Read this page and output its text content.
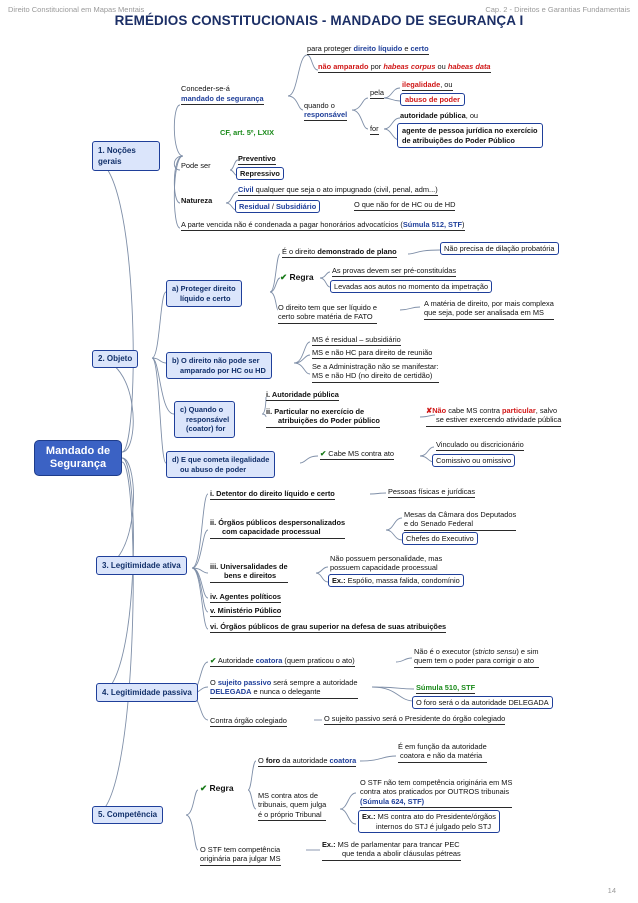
Direito Constitucional em Mapas Mentais	Cap. 2 - Direitos e Garantias Fundamentais
REMÉDIOS CONSTITUCIONAIS - MANDADO DE SEGURANÇA I
Mandado de Segurança
1. Noções gerais
Conceder-se-á
mandado de segurança
CF, art. 5º, LXIX
para proteger direito líquido e certo
não amparado por habeas corpus ou habeas data
quando o
responsável
pela
ilegalidade, ou
abuso de poder
for
autoridade pública, ou
agente de pessoa jurídica no exercício
de atribuições do Poder Público
Pode ser
Preventivo
Repressivo
Natureza
Civil qualquer que seja o ato impugnado (civil, penal, adm...)
Residual / Subsidiário	O que não for de HC ou de HD
A parte vencida não é condenada a pagar honorários advocatícios (Súmula 512, STF)
2. Objeto
a) Proteger direito
líquido e certo
É o direito demonstrado de plano	Não precisa de dilação probatória
✔ Regra
As provas devem ser pré-constituídas
Levadas aos autos no momento da impetração
O direito tem que ser líquido e
certo sobre matéria de FATO
A matéria de direito, por mais complexa
que seja, pode ser analisada em MS
b) O direito não pode ser
amparado por HC ou HD
MS é residual – subsidiário
MS e não HC para direito de reunião
Se a Administração não se manifestar:
MS e não HD (no direito de certidão)
c) Quando o
responsável
(coator) for
i. Autoridade pública
ii. Particular no exercício de
atribuições do Poder público
✘Não cabe MS contra particular, salvo
se estiver exercendo atividade pública
d) E que cometa ilegalidade
ou abuso de poder
✔ Cabe MS contra ato
Vinculado ou discricionário
Comissivo ou omissivo
3. Legitimidade ativa
i. Detentor do direito líquido e certo	Pessoas físicas e jurídicas
ii. Órgãos públicos despersonalizados
com capacidade processual
Mesas da Câmara dos Deputados
e do Senado Federal
Chefes do Executivo
iii. Universalidades de
bens e direitos
Não possuem personalidade, mas
possuem capacidade processual
Ex.: Espólio, massa falida, condomínio
iv. Agentes políticos
v. Ministério Público
vi. Órgãos públicos de grau superior na defesa de suas atribuições
4. Legitimidade passiva
✔ Autoridade coatora (quem praticou o ato)
Não é o executor (stricto sensu) e sim
quem tem o poder para corrigir o ato
O sujeito passivo será sempre a autoridade
DELEGADA e nunca o delegante	Súmula 510, STF
O foro será o da autoridade DELEGADA
Contra órgão colegiado	O sujeito passivo será o Presidente do órgão colegiado
5. Competência
✔ Regra
O foro da autoridade coatora
É em função da autoridade
coatora e não da matéria
MS contra atos de
tribunais, quem julga
é o próprio Tribunal
O STF não tem competência originária em MS
contra atos praticados por OUTROS tribunais
(Súmula 624, STF)
Ex.: MS contra ato do Presidente/órgãos
internos do STJ é julgado pelo STJ
O STF tem competência
originária para julgar MS
Ex.: MS de parlamentar para trancar PEC
que tenda a abolir cláusulas pétreas
14
